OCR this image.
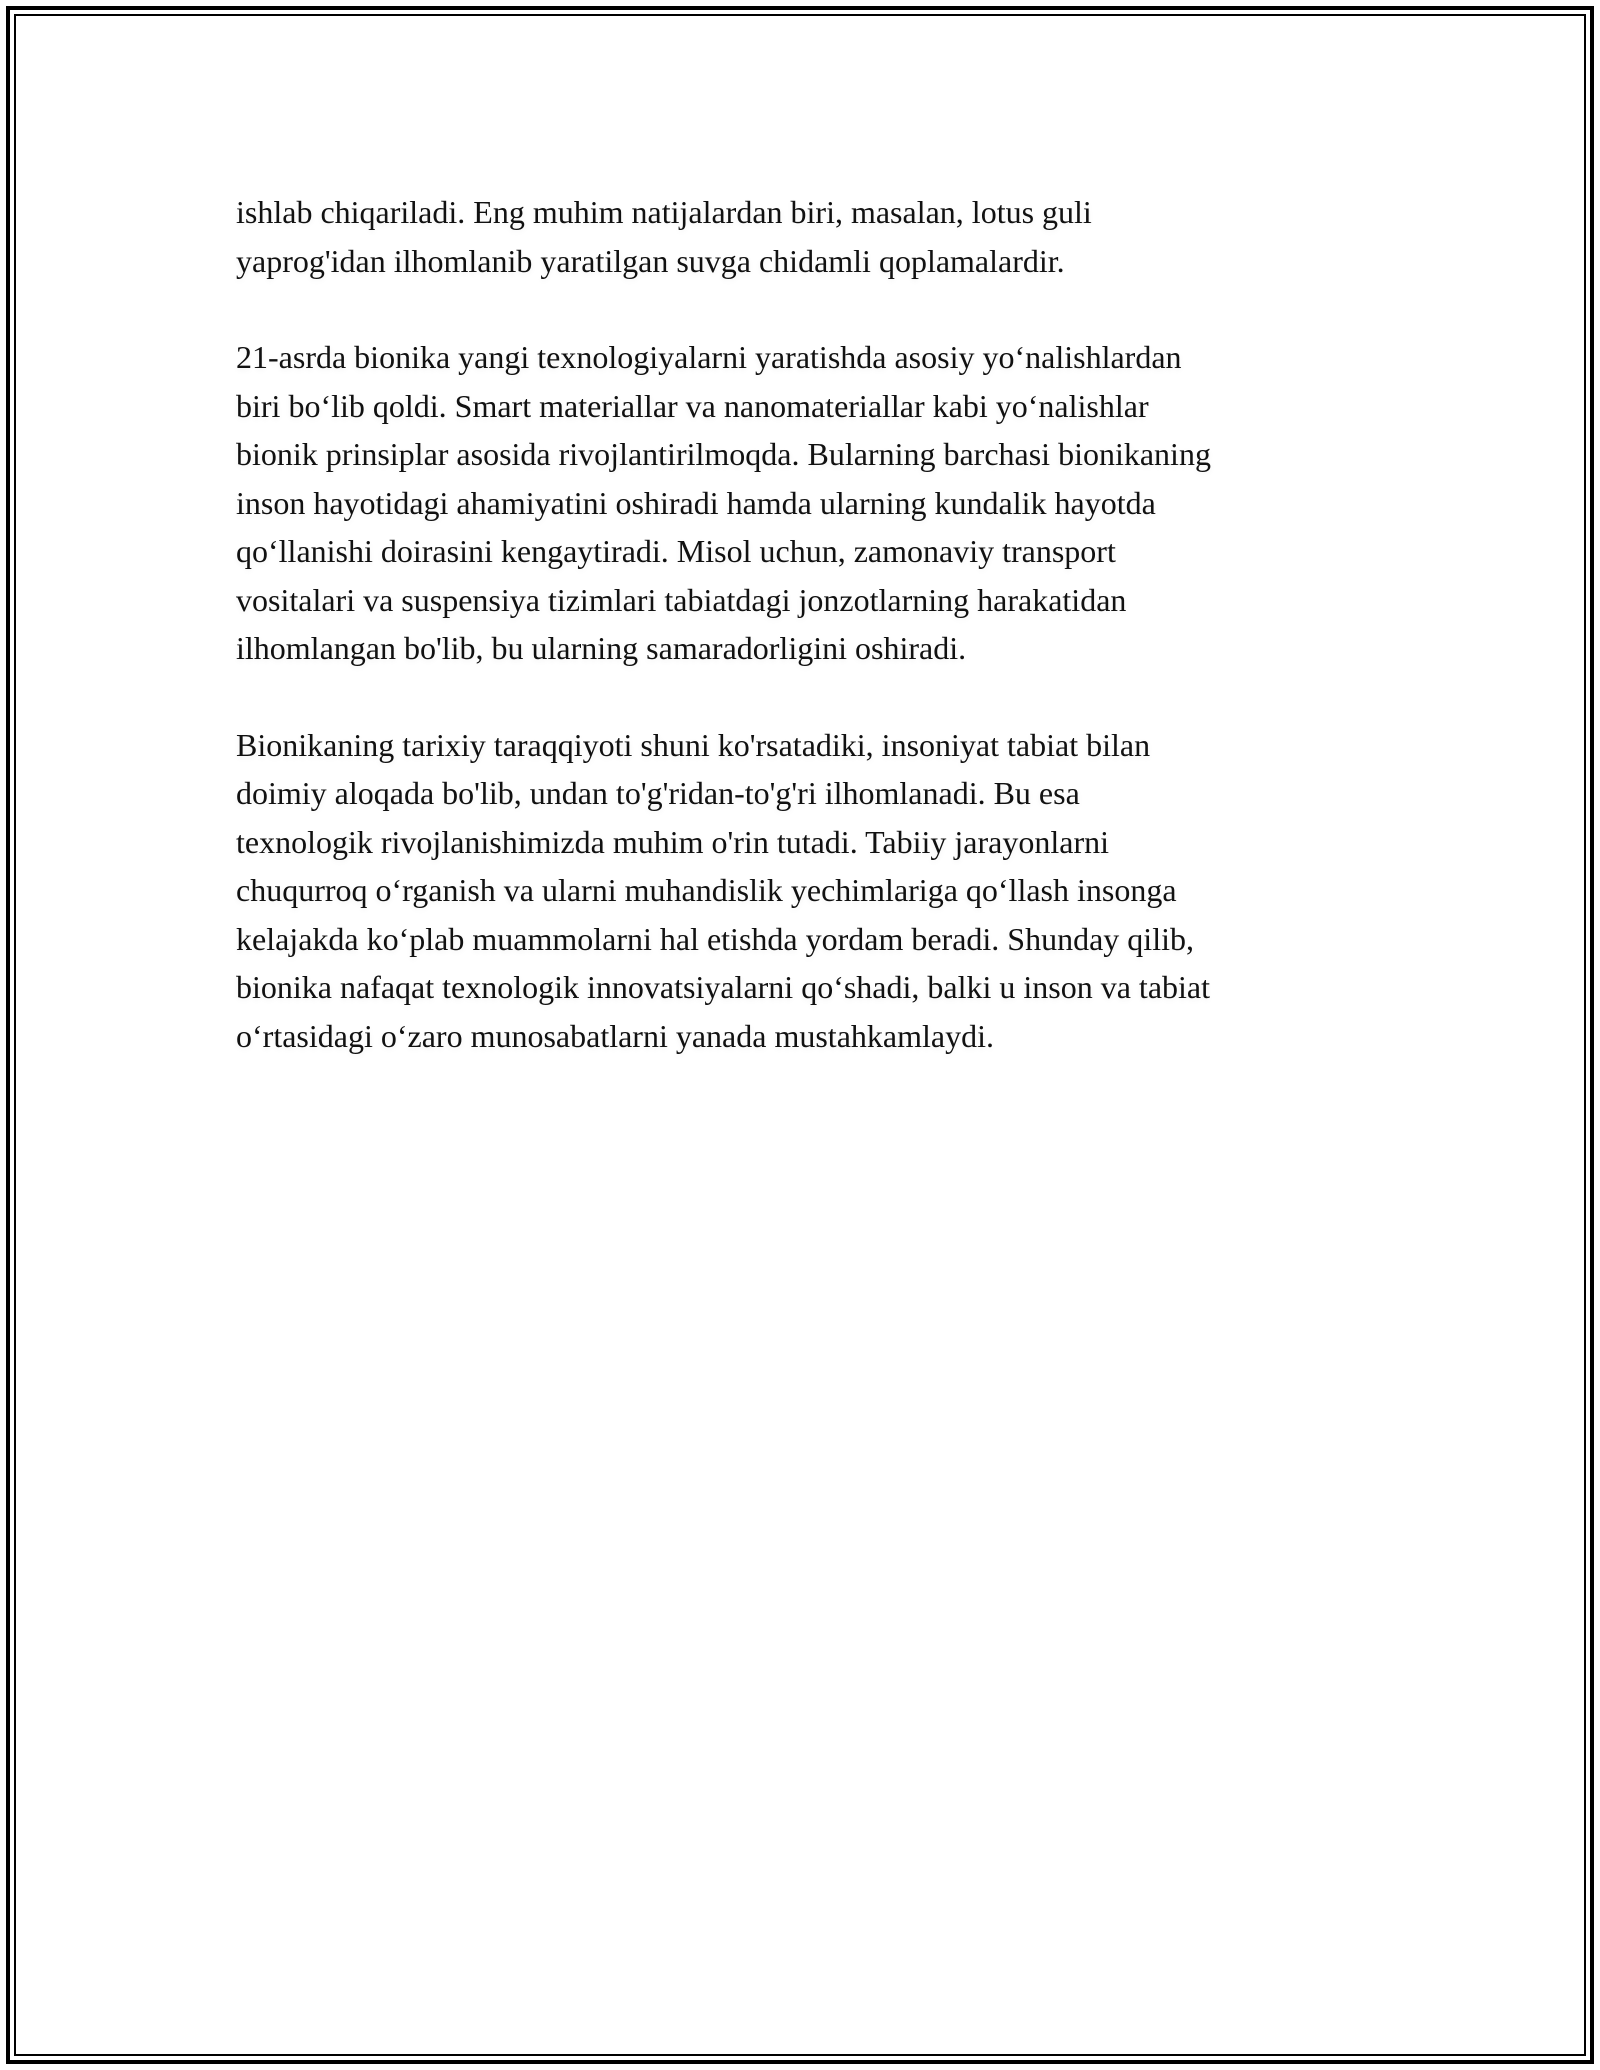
ishlab chiqariladi. Eng muhim natijalardan biri, masalan, lotus guli
yaprog'idan ilhomlanib yaratilgan suvga chidamli qoplamalardir.

21-asrda bionika yangi texnologiyalarni yaratishda asosiy yo‘nalishlardan
biri bo‘lib qoldi. Smart materiallar va nanomateriallar kabi yo‘nalishlar
bionik prinsiplar asosida rivojlantirilmoqda. Bularning barchasi bionikaning
inson hayotidagi ahamiyatini oshiradi hamda ularning kundalik hayotda
qo‘llanishi doirasini kengaytiradi. Misol uchun, zamonaviy transport
vositalari va suspensiya tizimlari tabiatdagi jonzotlarning harakatidan
ilhomlangan bo'lib, bu ularning samaradorligini oshiradi.

Bionikaning tarixiy taraqqiyoti shuni ko'rsatadiki, insoniyat tabiat bilan
doimiy aloqada bo'lib, undan to'g'ridan-to'g'ri ilhomlanadi. Bu esa
texnologik rivojlanishimizda muhim o'rin tutadi. Tabiiy jarayonlarni
chuqurroq o‘rganish va ularni muhandislik yechimlariga qo‘llash insonga
kelajakda ko‘plab muammolarni hal etishda yordam beradi. Shunday qilib,
bionika nafaqat texnologik innovatsiyalarni qo‘shadi, balki u inson va tabiat
o‘rtasidagi o‘zaro munosabatlarni yanada mustahkamlaydi.
